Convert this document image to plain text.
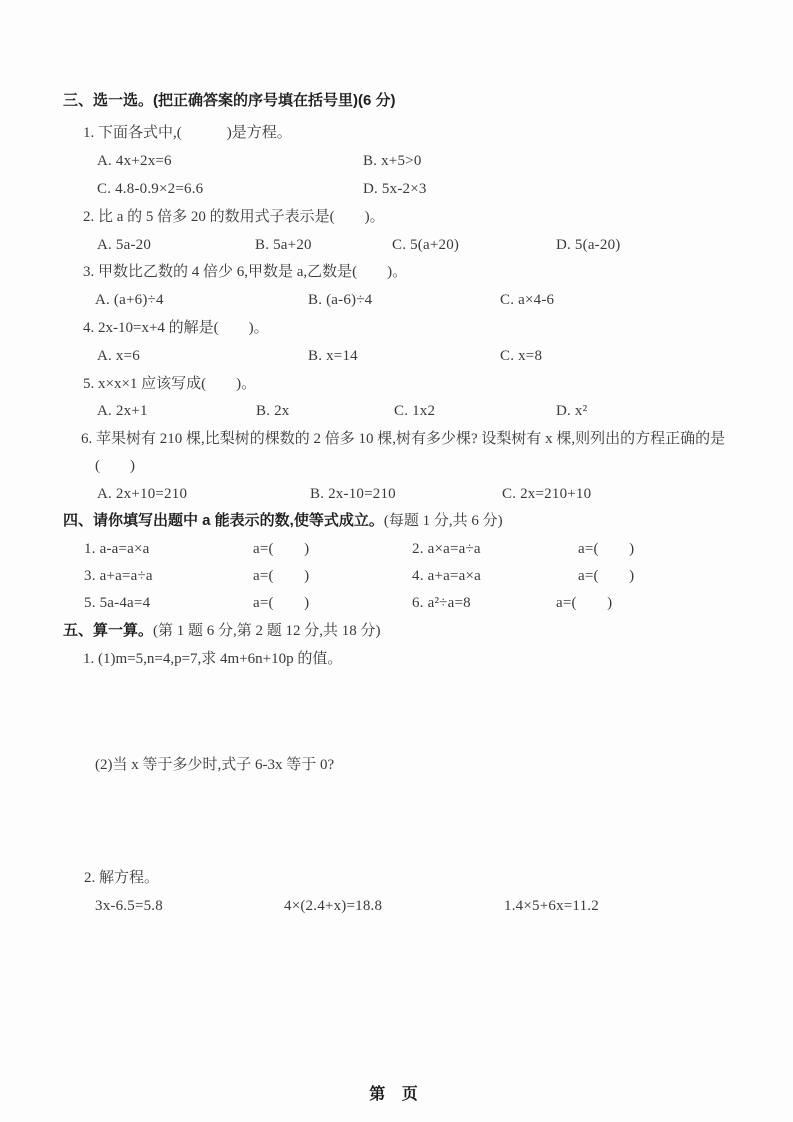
三、选一选。(把正确答案的序号填在括号里)(6 分)
1. 下面各式中,(　　　)是方程。
A. 4x+2x=6	B. x+5>0
C. 4.8-0.9×2=6.6	D. 5x-2×3
2. 比 a 的 5 倍多 20 的数用式子表示是(　　)。
A. 5a-20	B. 5a+20	C. 5(a+20)	D. 5(a-20)
3. 甲数比乙数的 4 倍少 6,甲数是 a,乙数是(　　)。
A. (a+6)÷4	B. (a-6)÷4	C. a×4-6
4. 2x-10=x+4 的解是(　　)。
A. x=6	B. x=14	C. x=8
5. x×x×1 应该写成(　　)。
A. 2x+1	B. 2x	C. 1x2	D. x²
6. 苹果树有 210 棵,比梨树的棵数的 2 倍多 10 棵,树有多少棵? 设梨树有 x 棵,则列出的方程正确的是
(　　)
A. 2x+10=210	B. 2x-10=210	C. 2x=210+10
四、请你填写出题中 a 能表示的数,使等式成立。(每题 1 分,共 6 分)
1. a-a=a×a	a=(　　)	2. a×a=a÷a	a=(　　)
3. a+a=a÷a	a=(　　)	4. a+a=a×a	a=(　　)
5. 5a-4a=4	a=(　　)	6. a²÷a=8	a=(　　)
五、算一算。(第 1 题 6 分,第 2 题 12 分,共 18 分)
1. (1)m=5,n=4,p=7,求 4m+6n+10p 的值。
(2)当 x 等于多少时,式子 6-3x 等于 0?
2. 解方程。
3x-6.5=5.8	4×(2.4+x)=18.8	1.4×5+6x=11.2
第 页
